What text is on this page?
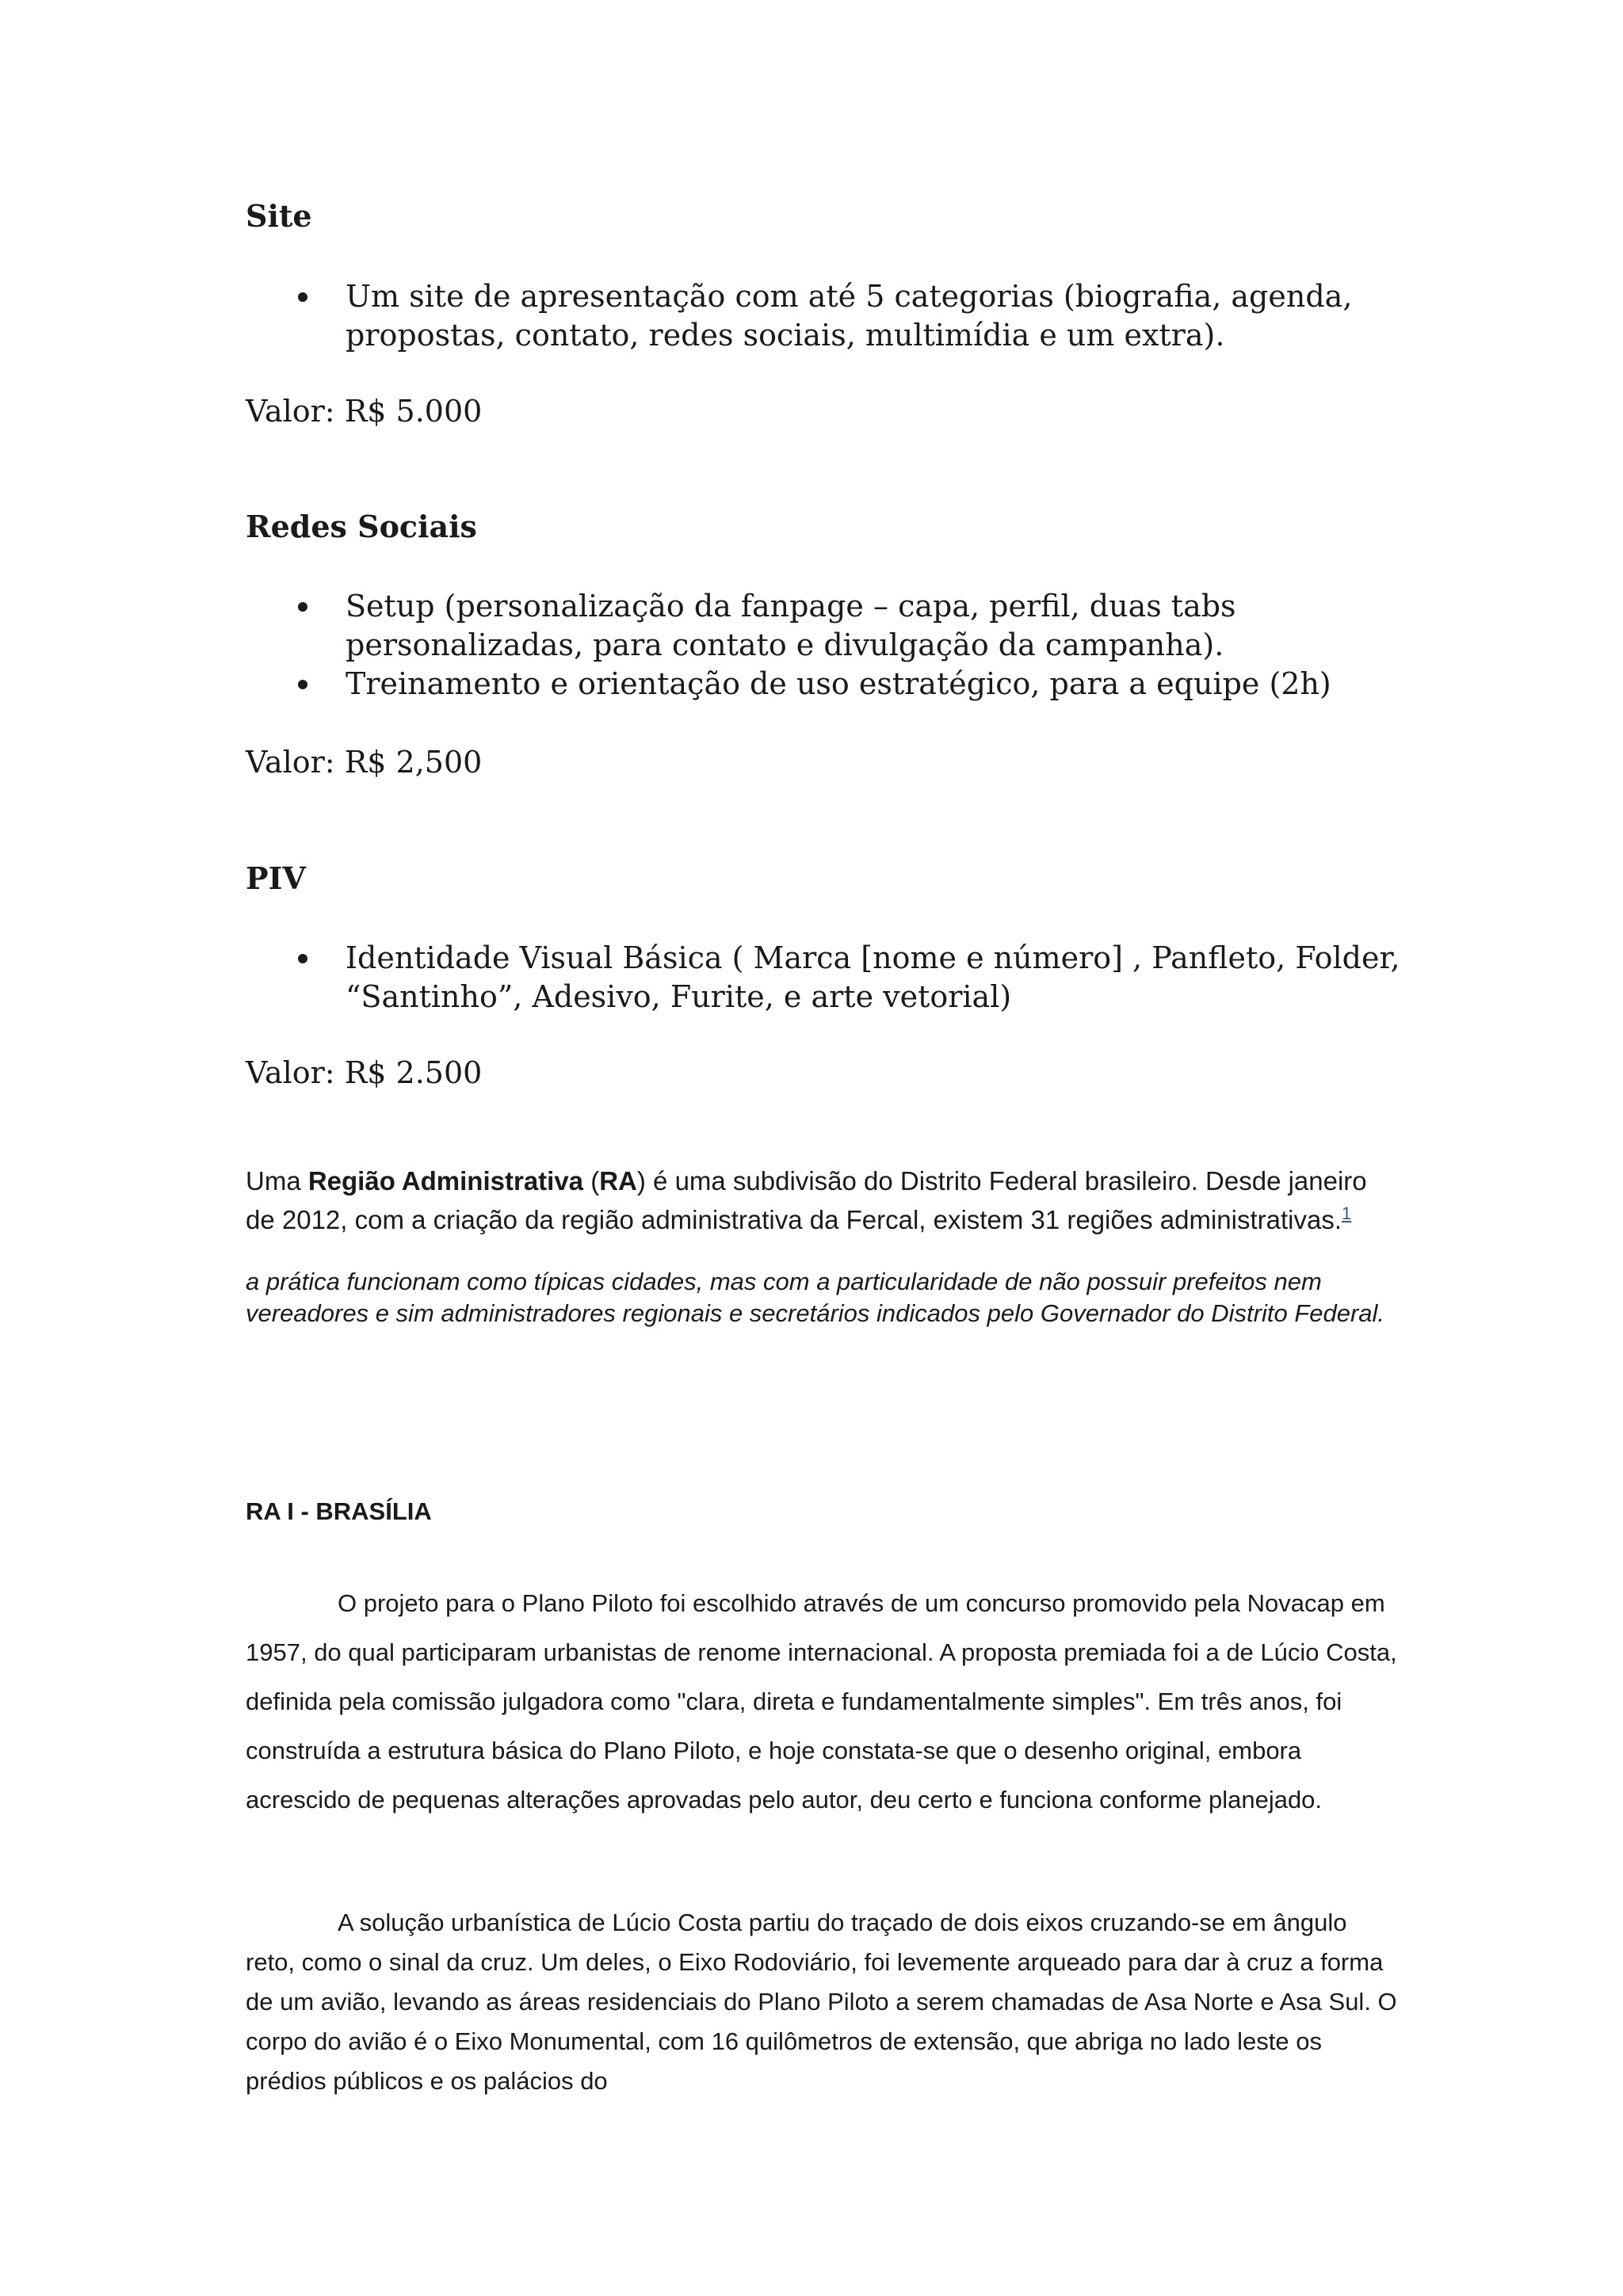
Site
Um site de apresentação com até 5 categorias (biografia, agenda, propostas, contato, redes sociais, multimídia e um extra).

Valor: R$ 5.000

Redes Sociais
Setup (personalização da fanpage – capa, perfil, duas tabs personalizadas, para contato e divulgação da campanha).
Treinamento e orientação de uso estratégico, para a equipe (2h)

Valor: R$ 2,500

PIV
Identidade Visual Básica ( Marca [nome e número] , Panfleto, Folder, “Santinho”, Adesivo, Furite, e arte vetorial)

Valor: R$ 2.500

Uma Região Administrativa (RA) é uma subdivisão do Distrito Federal brasileiro. Desde janeiro de 2012, com a criação da região administrativa da Fercal, existem 31 regiões administrativas.$^1$

a prática funcionam como típicas cidades, mas com a particularidade de não possuir prefeitos nem vereadores e sim administradores regionais e secretários indicados pelo Governador do Distrito Federal.

RA I - BRASÍLIA

O projeto para o Plano Piloto foi escolhido através de um concurso promovido pela Novacap em 1957, do qual participaram urbanistas de renome internacional. A proposta premiada foi a de Lúcio Costa, definida pela comissão julgadora como "clara, direta e fundamentalmente simples". Em três anos, foi construída a estrutura básica do Plano Piloto, e hoje constata-se que o desenho original, embora acrescido de pequenas alterações aprovadas pelo autor, deu certo e funciona conforme planejado.

A solução urbanística de Lúcio Costa partiu do traçado de dois eixos cruzando-se em ângulo reto, como o sinal da cruz. Um deles, o Eixo Rodoviário, foi levemente arqueado para dar à cruz a forma de um avião, levando as áreas residenciais do Plano Piloto a serem chamadas de Asa Norte e Asa Sul. O corpo do avião é o Eixo Monumental, com 16 quilômetros de extensão, que abriga no lado leste os prédios públicos e os palácios do
